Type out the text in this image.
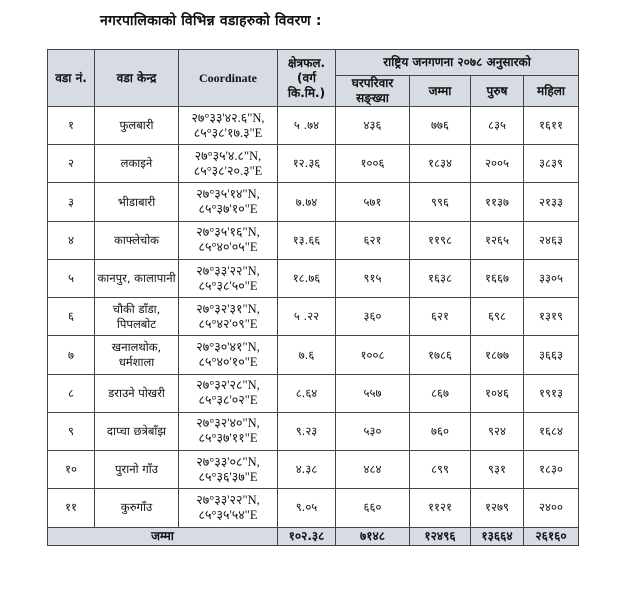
नगरपालिकाको विभिन्न वडाहरुको विवरण :
वडा नं.	वडा केन्द्र	Coordinate	क्षेत्रफल. (वर्ग कि.मि.)	राष्ट्रिय जनगणना २०७८ अनुसारको			
				घरपरिवार सङ्ख्या	जम्मा	पुरुष	महिला
१	फुलबारी	२७°३३'४२.६"N,
८५°३८'१७.३"E	५ .७४	४३६	७७६	८३५	१६११
२	लकाइने	२७°३५'४.८"N,
८५°३८'२०.३"E	१२.३६	१००६	१८३४	२००५	३८३९
३	भीडाबारी	२७°३५'१४"N,
८५°३७'१०"E	७.७४	५७१	९९६	११३७	२१३३
४	काफ्लेचोक	२७°३५'१६"N,
८५°४०'०५"E	१३.६६	६२१	११९८	१२६५	२४६३
५	कानपुर, कालापानी	२७°३३'२२"N,
८५°३८'५०"E	१८.७६	९१५	१६३८	१६६७	३३०५
६	चौकी डाँडा, पिपलबोट	२७°३२'३१"N,
८५°४२'०९"E	५ .२२	३६०	६२१	६९८	१३१९
७	खनालथोक, धर्मशाला	२७°३०'४१"N,
८५°४०'१०"E	७.६	१००८	१७८६	१८७७	३६६३
८	डराउने पोखरी	२७°३२'२८"N,
८५°३८'०२"E	८.६४	५५७	८६७	१०४६	१९१३
९	दाप्चा छत्रेबाँझ	२७°३२'४०"N,
८५°३७'११"E	९.२३	५३०	७६०	९२४	१६८४
१०	पुरानो गाँउ	२७°३३'०८"N,
८५°३६'३७"E	४.३८	४८४	८९९	९३१	१८३०
११	कुरुगाँउ	२७°३३'२२"N,
८५°३५'५४"E	९.०५	६६०	११२१	१२७९	२४००
जम्मा			१०२.३८	७१४८	१२४९६	१३६६४	२६१६०
